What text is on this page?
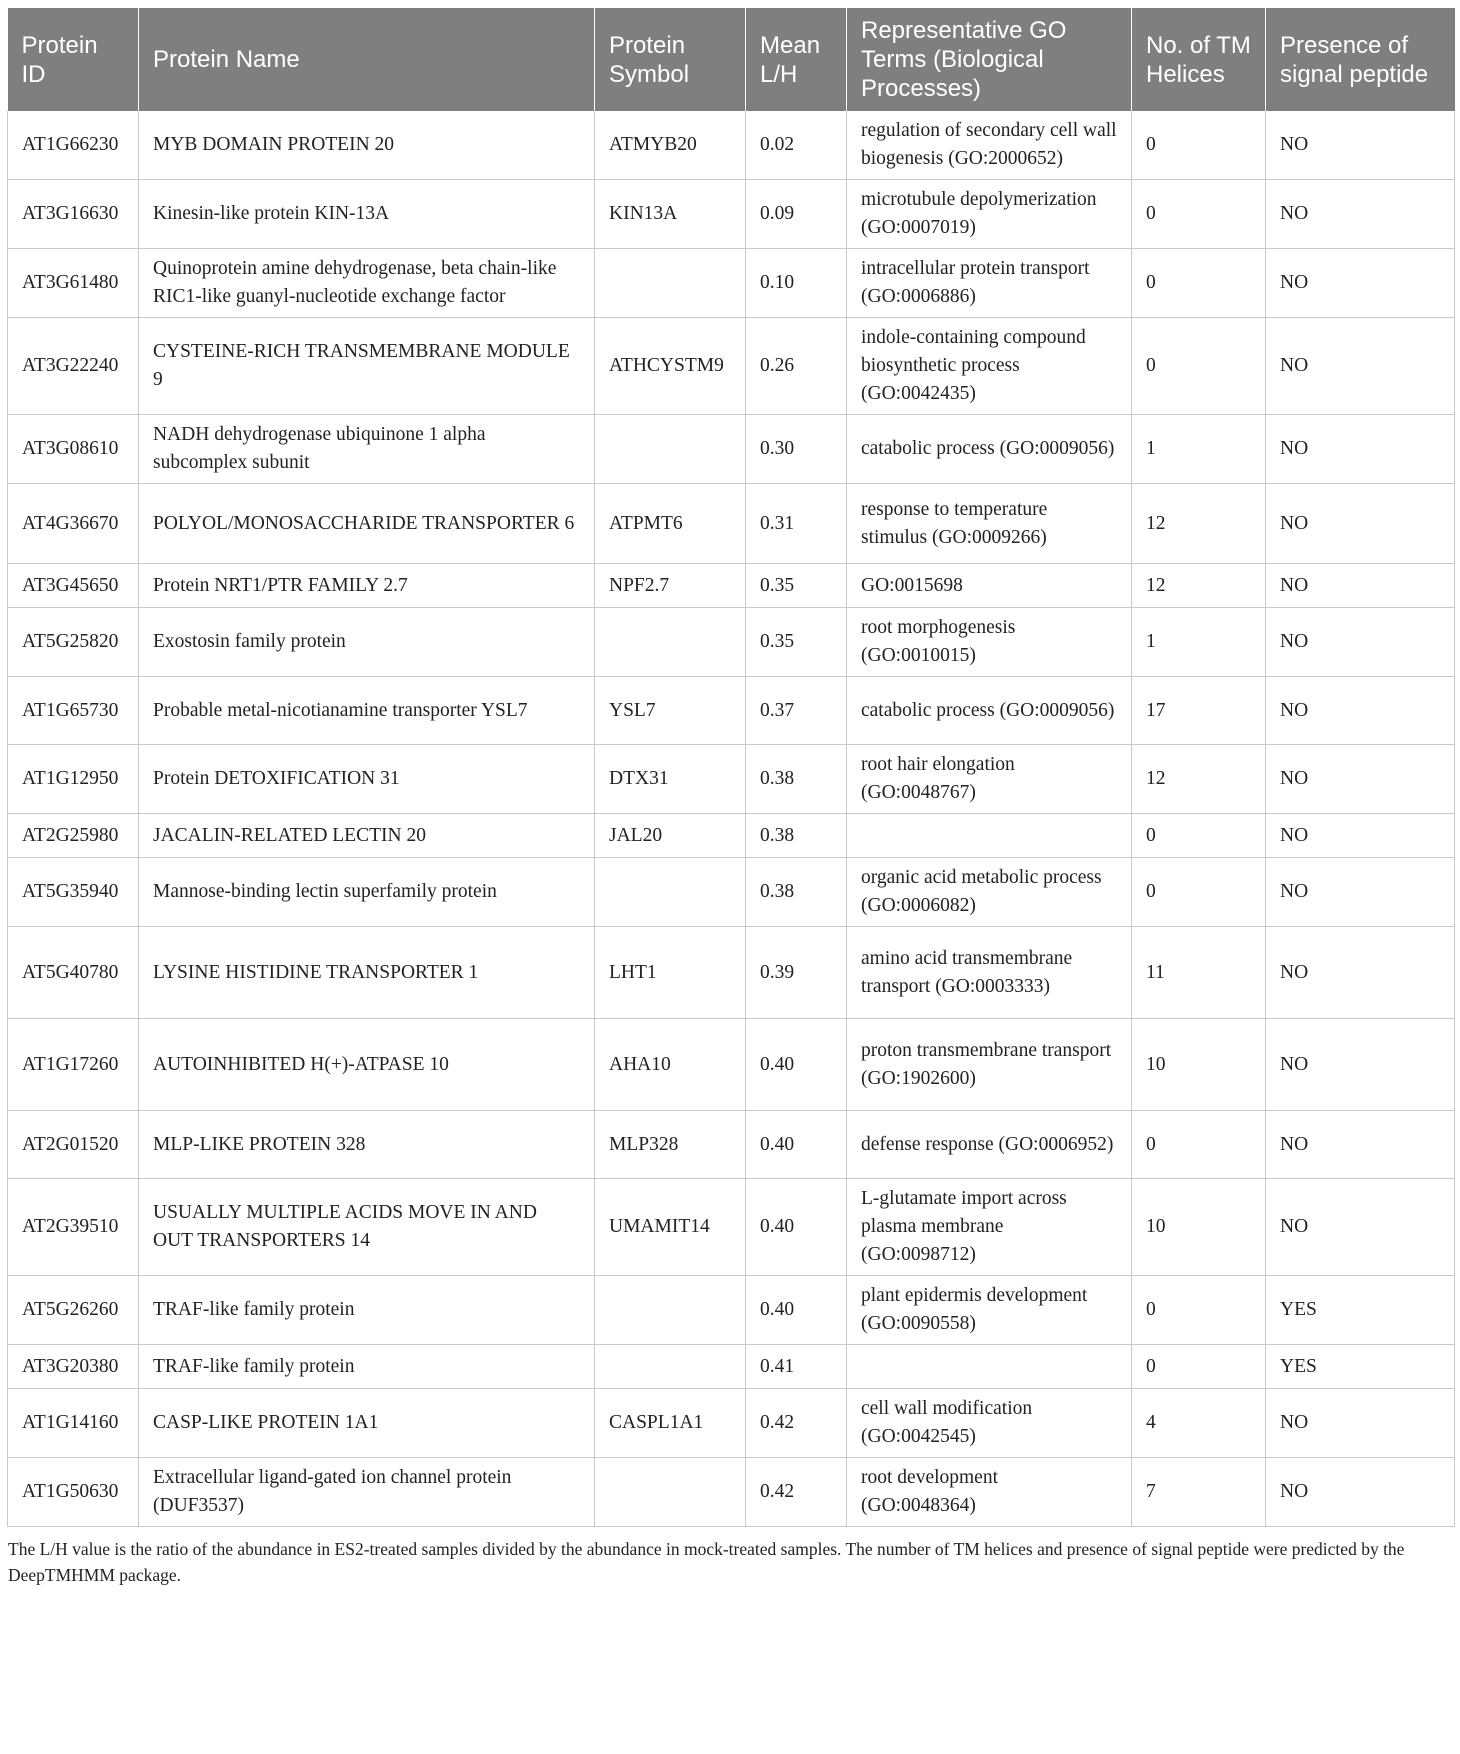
Protein ID	Protein Name	Protein Symbol	Mean L/H	Representative GO Terms (Biological Processes)	No. of TM Helices	Presence of signal peptide
AT1G66230	MYB DOMAIN PROTEIN 20	ATMYB20	0.02	regulation of secondary cell wall biogenesis (GO:2000652)	0	NO
AT3G16630	Kinesin-like protein KIN-13A	KIN13A	0.09	microtubule depolymerization (GO:0007019)	0	NO
AT3G61480	Quinoprotein amine dehydrogenase, beta chain-like RIC1-like guanyl-nucleotide exchange factor		0.10	intracellular protein transport (GO:0006886)	0	NO
AT3G22240	CYSTEINE-RICH TRANSMEMBRANE MODULE 9	ATHCYSTM9	0.26	indole-containing compound biosynthetic process (GO:0042435)	0	NO
AT3G08610	NADH dehydrogenase ubiquinone 1 alpha subcomplex subunit		0.30	catabolic process (GO:0009056)	1	NO
AT4G36670	POLYOL/MONOSACCHARIDE TRANSPORTER 6	ATPMT6	0.31	response to temperature stimulus (GO:0009266)	12	NO
AT3G45650	Protein NRT1/PTR FAMILY 2.7	NPF2.7	0.35	GO:0015698	12	NO
AT5G25820	Exostosin family protein		0.35	root morphogenesis (GO:0010015)	1	NO
AT1G65730	Probable metal-nicotianamine transporter YSL7	YSL7	0.37	catabolic process (GO:0009056)	17	NO
AT1G12950	Protein DETOXIFICATION 31	DTX31	0.38	root hair elongation (GO:0048767)	12	NO
AT2G25980	JACALIN-RELATED LECTIN 20	JAL20	0.38		0	NO
AT5G35940	Mannose-binding lectin superfamily protein		0.38	organic acid metabolic process (GO:0006082)	0	NO
AT5G40780	LYSINE HISTIDINE TRANSPORTER 1	LHT1	0.39	amino acid transmembrane transport (GO:0003333)	11	NO
AT1G17260	AUTOINHIBITED H(+)-ATPASE 10	AHA10	0.40	proton transmembrane transport (GO:1902600)	10	NO
AT2G01520	MLP-LIKE PROTEIN 328	MLP328	0.40	defense response (GO:0006952)	0	NO
AT2G39510	USUALLY MULTIPLE ACIDS MOVE IN AND OUT TRANSPORTERS 14	UMAMIT14	0.40	L-glutamate import across plasma membrane (GO:0098712)	10	NO
AT5G26260	TRAF-like family protein		0.40	plant epidermis development (GO:0090558)	0	YES
AT3G20380	TRAF-like family protein		0.41		0	YES
AT1G14160	CASP-LIKE PROTEIN 1A1	CASPL1A1	0.42	cell wall modification (GO:0042545)	4	NO
AT1G50630	Extracellular ligand-gated ion channel protein (DUF3537)		0.42	root development (GO:0048364)	7	NO
The L/H value is the ratio of the abundance in ES2-treated samples divided by the abundance in mock-treated samples. The number of TM helices and presence of signal peptide were predicted by the DeepTMHMM package.
